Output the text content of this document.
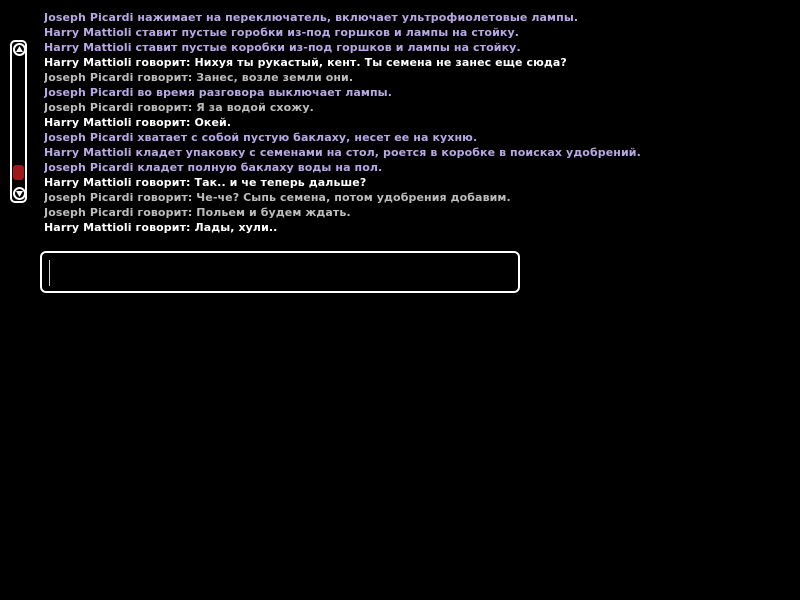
Joseph Picardi нажимает на переключатель, включает ультрофиолетовые лампы.
Harry Mattioli ставит пустые горобки из-под горшков и лампы на стойку.
Harry Mattioli ставит пустые коробки из-под горшков и лампы на стойку.
Harry Mattioli говорит: Нихуя ты рукастый, кент. Ты семена не занес еще сюда?
Joseph Picardi говорит: Занес, возле земли они.
Joseph Picardi во время разговора выключает лампы.
Joseph Picardi говорит: Я за водой схожу.
Harry Mattioli говорит: Окей.
Joseph Picardi хватает с собой пустую баклаху, несет ее на кухню.
Harry Mattioli кладет упаковку с семенами на стол, роется в коробке в поисках удобрений.
Joseph Picardi кладет полную баклаху воды на пол.
Harry Mattioli говорит: Так.. и че теперь дальше?
Joseph Picardi говорит: Че-че? Сыпь семена, потом удобрения добавим.
Joseph Picardi говорит: Польем и будем ждать.
Harry Mattioli говорит: Лады, хули..
